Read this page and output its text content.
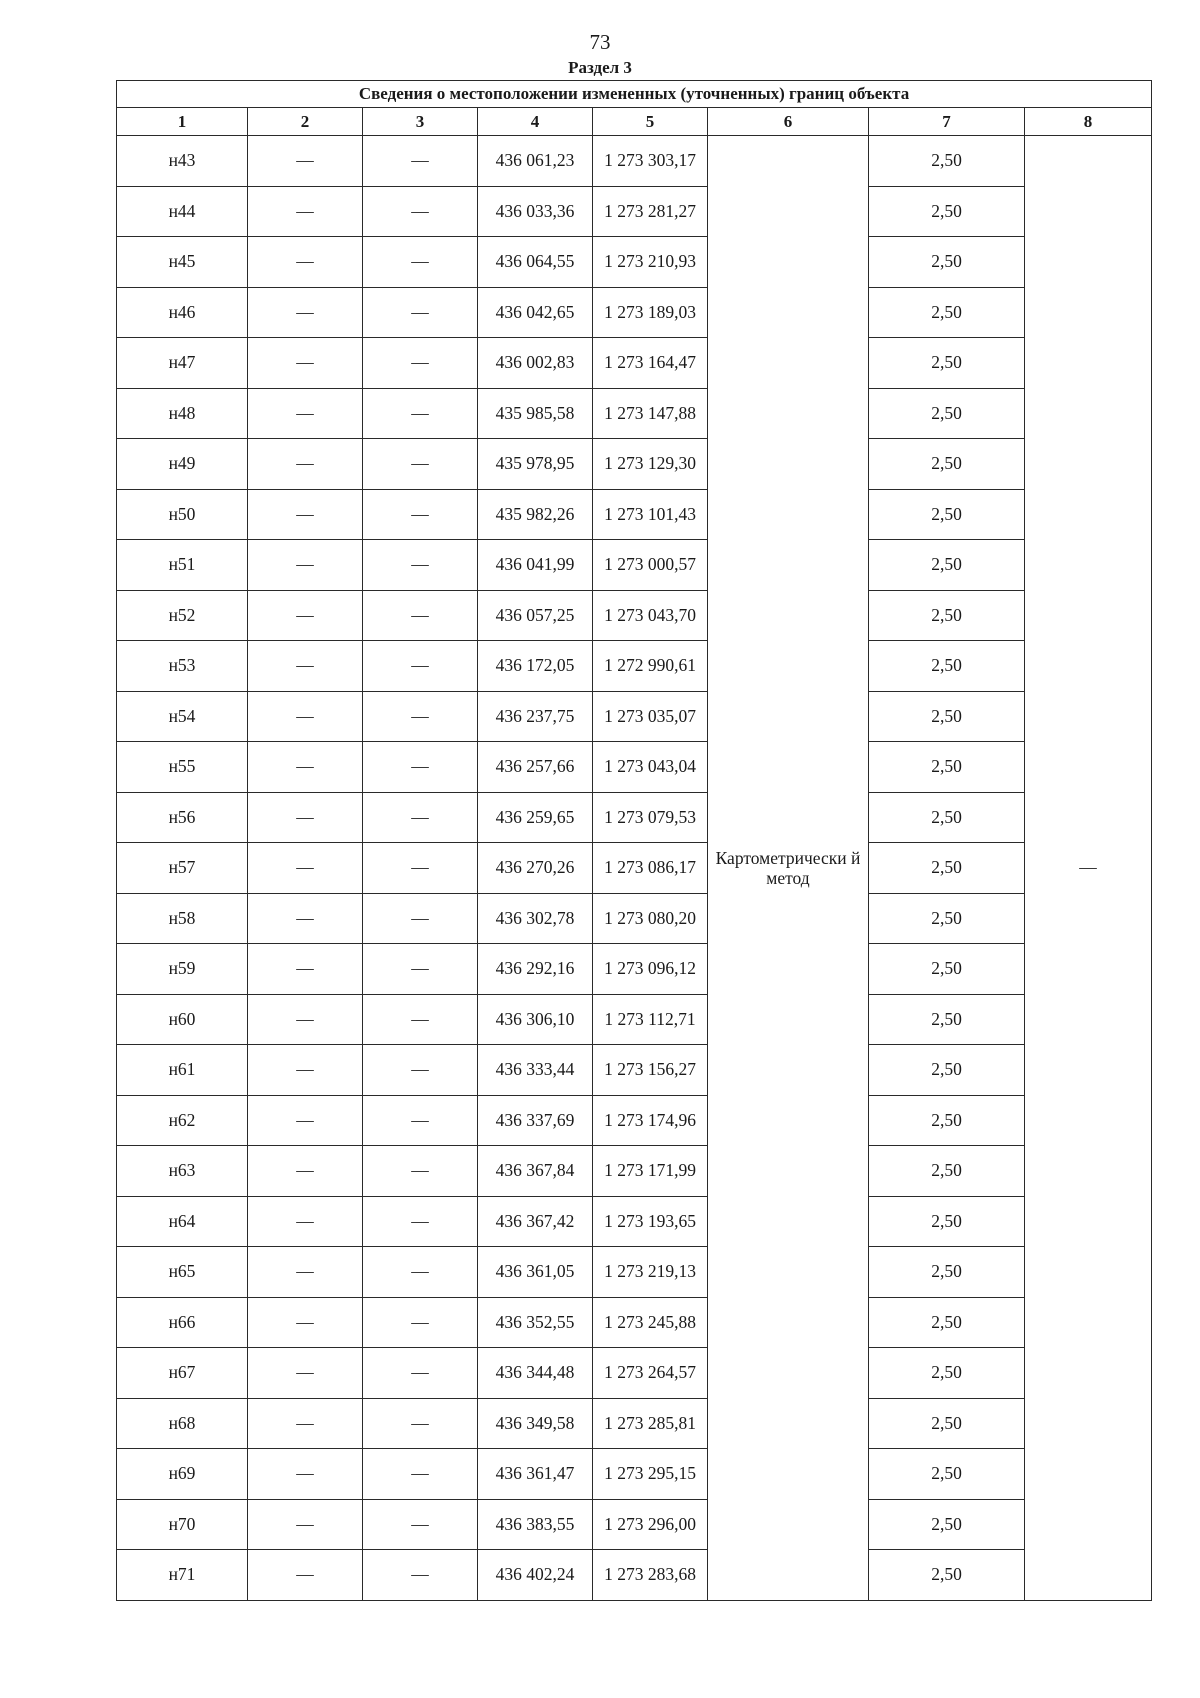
73
Раздел 3
Сведения о местоположении измененных (уточненных) границ объекта							
1	2	3	4	5	6	7	8
н43	—	—	436 061,23	1 273 303,17	Картометрически й метод	2,50	—
н44	—	—	436 033,36	1 273 281,27		2,50	
н45	—	—	436 064,55	1 273 210,93		2,50	
н46	—	—	436 042,65	1 273 189,03		2,50	
н47	—	—	436 002,83	1 273 164,47		2,50	
н48	—	—	435 985,58	1 273 147,88		2,50	
н49	—	—	435 978,95	1 273 129,30		2,50	
н50	—	—	435 982,26	1 273 101,43		2,50	
н51	—	—	436 041,99	1 273 000,57		2,50	
н52	—	—	436 057,25	1 273 043,70		2,50	
н53	—	—	436 172,05	1 272 990,61		2,50	
н54	—	—	436 237,75	1 273 035,07		2,50	
н55	—	—	436 257,66	1 273 043,04		2,50	
н56	—	—	436 259,65	1 273 079,53		2,50	
н57	—	—	436 270,26	1 273 086,17		2,50	
н58	—	—	436 302,78	1 273 080,20		2,50	
н59	—	—	436 292,16	1 273 096,12		2,50	
н60	—	—	436 306,10	1 273 112,71		2,50	
н61	—	—	436 333,44	1 273 156,27		2,50	
н62	—	—	436 337,69	1 273 174,96		2,50	
н63	—	—	436 367,84	1 273 171,99		2,50	
н64	—	—	436 367,42	1 273 193,65		2,50	
н65	—	—	436 361,05	1 273 219,13		2,50	
н66	—	—	436 352,55	1 273 245,88		2,50	
н67	—	—	436 344,48	1 273 264,57		2,50	
н68	—	—	436 349,58	1 273 285,81		2,50	
н69	—	—	436 361,47	1 273 295,15		2,50	
н70	—	—	436 383,55	1 273 296,00		2,50	
н71	—	—	436 402,24	1 273 283,68		2,50	
